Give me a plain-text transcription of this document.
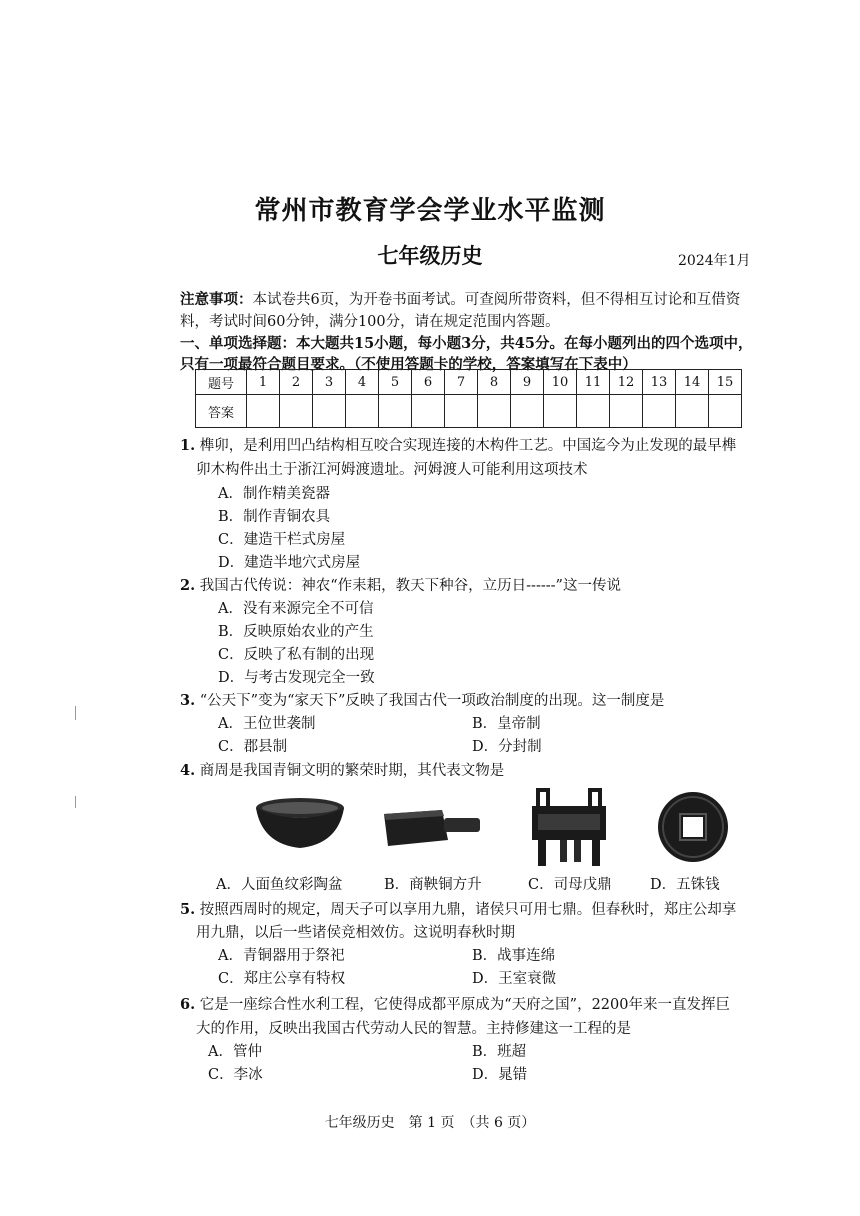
常州市教育学会学业水平监测
七年级历史	2024年1月
注意事项：本试卷共6页，为开卷书面考试。可查阅所带资料，但不得相互讨论和互借资
料，考试时间60分钟，满分100分，请在规定范围内答题。
一、单项选择题：本大题共15小题，每小题3分，共45分。在每小题列出的四个选项中，
只有一项最符合题目要求。（不使用答题卡的学校，答案填写在下表中）
题号	1	2	3	4	5	6	7	8	9	10	11	12	13	14	15
答案															
1. 榫卯，是利用凹凸结构相互咬合实现连接的木构件工艺。中国迄今为止发现的最早榫
卯木构件出土于浙江河姆渡遗址。河姆渡人可能利用这项技术
A．制作精美瓷器
B．制作青铜农具
C．建造干栏式房屋
D．建造半地穴式房屋
2. 我国古代传说：神农“作耒耜，教天下种谷，立历日------”这一传说
A．没有来源完全不可信
B．反映原始农业的产生
C．反映了私有制的出现
D．与考古发现完全一致
3. “公天下”变为“家天下”反映了我国古代一项政治制度的出现。这一制度是
A．王位世袭制	B．皇帝制
C．郡县制	D．分封制
4. 商周是我国青铜文明的繁荣时期，其代表文物是
A．人面鱼纹彩陶盆	B．商鞅铜方升	C．司母戊鼎	D．五铢钱
5. 按照西周时的规定，周天子可以享用九鼎，诸侯只可用七鼎。但春秋时，郑庄公却享
用九鼎，以后一些诸侯竞相效仿。这说明春秋时期
A．青铜器用于祭祀	B．战事连绵
C．郑庄公享有特权	D．王室衰微
6. 它是一座综合性水利工程，它使得成都平原成为“天府之国”，2200年来一直发挥巨
大的作用，反映出我国古代劳动人民的智慧。主持修建这一工程的是
A．管仲	B．班超
C．李冰	D．晁错
七年级历史　第 1 页　（共 6 页）
